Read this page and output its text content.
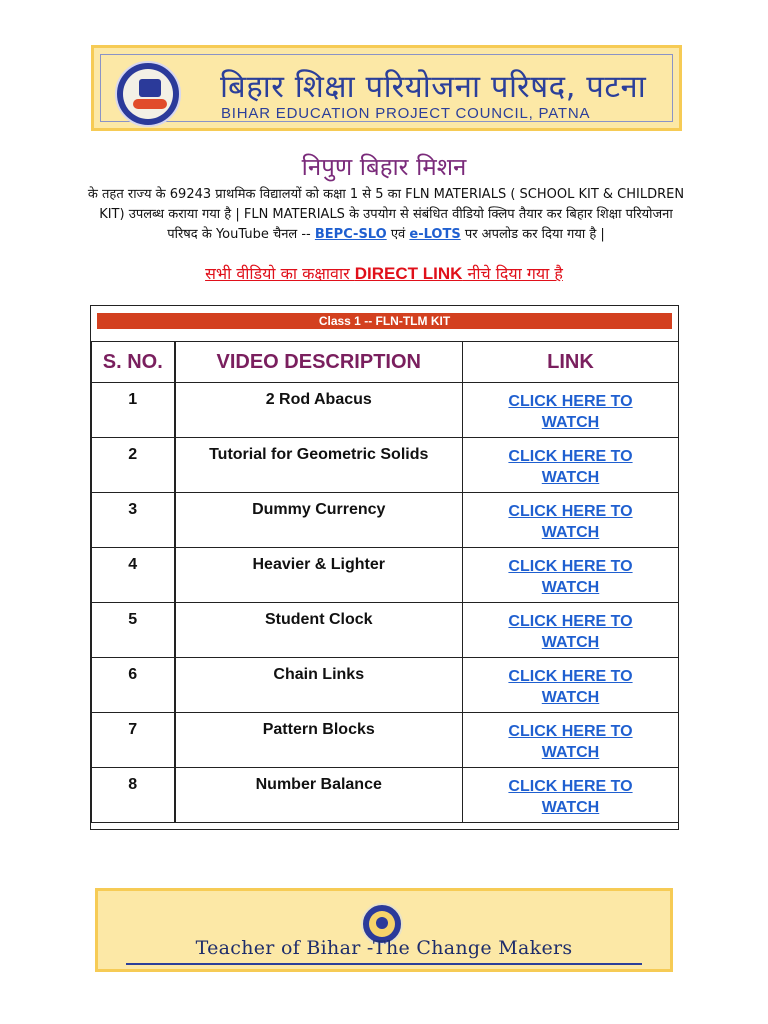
बिहार शिक्षा परियोजना परिषद, पटना
BIHAR EDUCATION PROJECT COUNCIL, PATNA
निपुण बिहार मिशन
के तहत राज्य के 69243 प्राथमिक विद्यालयों को कक्षा 1 से 5 का FLN MATERIALS ( SCHOOL KIT & CHILDREN KIT) उपलब्ध कराया गया है | FLN MATERIALS के उपयोग से संबंधित वीडियो क्लिप तैयार कर बिहार शिक्षा परियोजना परिषद के YouTube चैनल -- BEPC-SLO एवं e-LOTS पर अपलोड कर दिया गया है |
सभी वीडियो का कक्षावार DIRECT LINK नीचे दिया गया है
Class 1 -- FLN-TLM KIT
S. NO.	VIDEO DESCRIPTION	LINK
1	2 Rod Abacus	CLICK HERE TO
WATCH
2	Tutorial for Geometric Solids	CLICK HERE TO
WATCH
3	Dummy Currency	CLICK HERE TO
WATCH
4	Heavier & Lighter	CLICK HERE TO
WATCH
5	Student Clock	CLICK HERE TO
WATCH
6	Chain Links	CLICK HERE TO
WATCH
7	Pattern Blocks	CLICK HERE TO
WATCH
8	Number Balance	CLICK HERE TO
WATCH
Teacher of Bihar -The Change Makers
